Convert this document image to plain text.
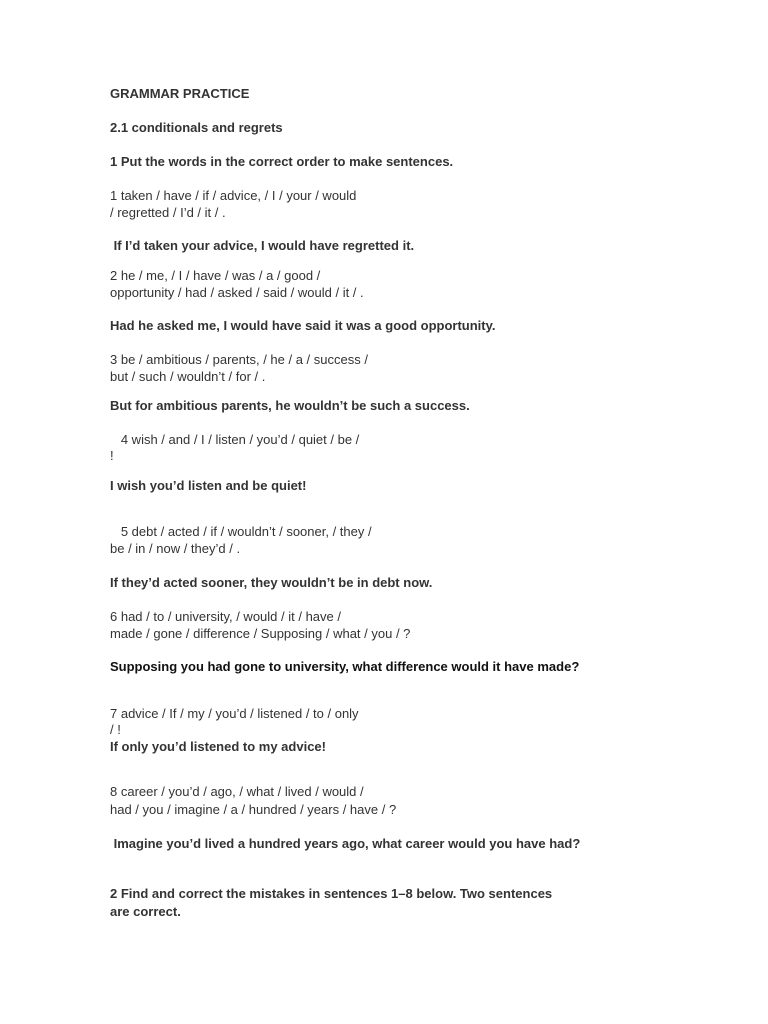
GRAMMAR PRACTICE
2.1 conditionals and regrets
1 Put the words in the correct order to make sentences.
1 taken / have / if / advice, / I / your / would
/ regretted / I’d / it / .
If I’d taken your advice, I would have regretted it.
2 he / me, / I / have / was / a / good /
opportunity / had / asked / said / would / it / .
Had he asked me, I would have said it was a good opportunity.
3 be / ambitious / parents, / he / a / success /
but / such / wouldn’t / for / .
But for ambitious parents, he wouldn’t be such a success.
4 wish / and / I / listen / you’d / quiet / be /
!
I wish you’d listen and be quiet!
5 debt / acted / if / wouldn’t / sooner, / they /
be / in / now / they’d / .
If they’d acted sooner, they wouldn’t be in debt now.
6 had / to / university, / would / it / have /
made / gone / difference / Supposing / what / you / ?
Supposing you had gone to university, what difference would it have made?
7 advice / If / my / you’d / listened / to / only
/ !
If only you’d listened to my advice!
8 career / you’d / ago, / what / lived / would /
had / you / imagine / a / hundred / years / have / ?
Imagine you’d lived a hundred years ago, what career would you have had?
2 Find and correct the mistakes in sentences 1–8 below. Two sentences
are correct.
